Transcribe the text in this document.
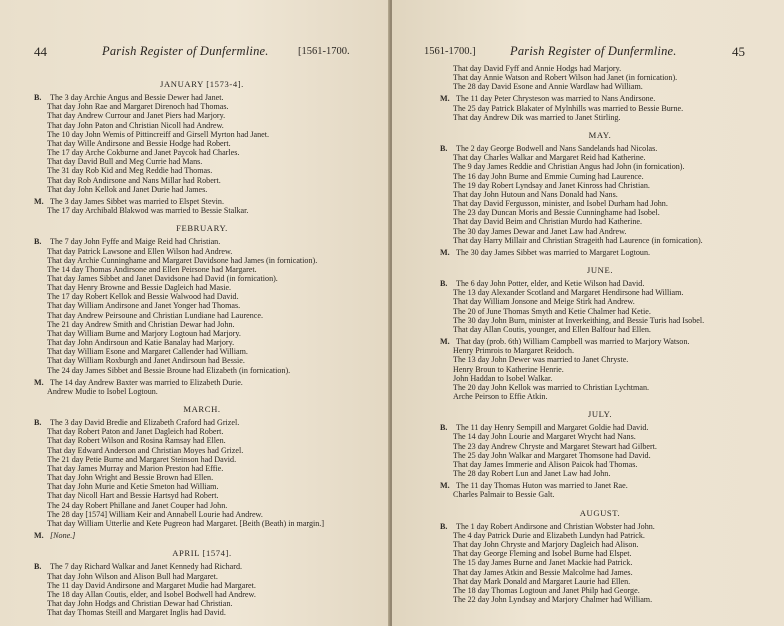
44	Parish Register of Dunfermline.	[1561-1700.
JANUARY [1573-4].
B. The 3 day Archie Angus and Bessie Dewer had Janet.
That day John Rae and Margaret Direnoch had Thomas.
That day Andrew Currour and Janet Piers had Marjory.
That day John Paton and Christian Nicoll had Andrew.
The 10 day John Wemis of Pittincreiff and Girsell Myrton had Janet.
That day Wille Andirsone and Bessie Hodge had Robert.
The 17 day Arche Cokburne and Janet Paycok had Charles.
That day David Bull and Meg Currie had Mans.
The 31 day Rob Kid and Meg Reddie had Thomas.
That day Rob Andirsone and Nans Millar had Robert.
That day John Kellok and Janet Durie had James.
M. The 3 day James Sibbet was married to Elspet Stevin.
The 17 day Archibald Blakwod was married to Bessie Stalkar.
FEBRUARY.
B. The 7 day John Fyffe and Maige Reid had Christian.
That day Patrick Lawsone and Ellen Wilson had Andrew.
That day Archie Cunninghame and Margaret Davidsone had James (in fornication).
The 14 day Thomas Andirsone and Ellen Peirsone had Margaret.
That day James Sibbet and Janet Davidsone had David (in fornication).
That day Henry Browne and Bessie Dagleich had Masie.
The 17 day Robert Kellok and Bessie Walwood had David.
That day William Andirsone and Janet Yonger had Thomas.
That day Andrew Peirsoune and Christian Lundiane had Laurence.
The 21 day Andrew Smith and Christian Dewar had John.
That day William Burne and Marjory Logtoun had Marjory.
That day John Andirsoun and Katie Banalay had Marjory.
That day William Esone and Margaret Callender had William.
That day William Roxburgh and Janet Andirsoun had Bessie.
The 24 day James Sibbet and Bessie Broune had Elizabeth (in fornication).
M. The 14 day Andrew Baxter was married to Elizabeth Durie.
Andrew Mudie to Isobel Logtoun.
MARCH.
B. The 3 day David Bredie and Elizabeth Craford had Grizel.
That day Robert Paton and Janet Dagleich had Robert.
That day Robert Wilson and Rosina Ramsay had Ellen.
That day Edward Anderson and Christian Moyes had Grizel.
The 21 day Petie Burne and Margaret Steinson had David.
That day James Murray and Marion Preston had Effie.
That day John Wright and Bessie Brown had Ellen.
That day John Murie and Ketie Smeton had William.
That day Nicoll Hart and Bessie Hartsyd had Robert.
The 24 day Robert Phillane and Janet Couper had John.
The 28 day [1574] William Keir and Annabell Lourie had Andrew.
That day William Utterlie and Kete Pugreon had Margaret. [Beith (Beath) in margin.]
M. [None.]
APRIL [1574].
B. The 7 day Richard Walkar and Janet Kennedy had Richard.
That day John Wilson and Alison Bull had Margaret.
The 11 day David Andirsone and Margaret Mudie had Margaret.
The 18 day Allan Coutis, elder, and Isobel Bodwell had Andrew.
That day John Hodgs and Christian Dewar had Christian.
That day Thomas Steill and Margaret Inglis had David.
1561-1700.]	Parish Register of Dunfermline.	45
That day David Fyff and Annie Hodgs had Marjory.
That day Annie Watson and Robert Wilson had Janet (in fornication).
The 28 day David Esone and Annie Wardlaw had William.
M. The 11 day Peter Chrysteson was married to Nans Andirsone.
The 25 day Patrick Blakater of Mylnhills was married to Bessie Burne.
That day Andrew Dik was married to Janet Stirling.
MAY.
B. The 2 day George Bodwell and Nans Sandelands had Nicolas.
That day Charles Walkar and Margaret Reid had Katherine.
The 9 day James Reddie and Christian Angus had John (in fornication).
The 16 day John Burne and Emmie Cuming had Laurence.
The 19 day Robert Lyndsay and Janet Kinross had Christian.
That day John Hutoun and Nans Donald had Nans.
That day David Fergusson, minister, and Isobel Durham had John.
The 23 day Duncan Moris and Bessie Cunninghame had Isobel.
That day David Beim and Christian Murdo had Katherine.
The 30 day James Dewar and Janet Law had Andrew.
That day Harry Millair and Christian Strageith had Laurence (in fornication).
M. The 30 day James Sibbet was married to Margaret Logtoun.
JUNE.
B. The 6 day John Potter, elder, and Ketie Wilson had David.
The 13 day Alexander Scotland and Margaret Hendirsone had William.
That day William Jonsone and Meige Stirk had Andrew.
The 20 of June Thomas Smyth and Ketie Chalmer had Ketie.
The 30 day John Burn, minister at Inverkeithing, and Bessie Turis had Isobel.
That day Allan Coutis, younger, and Ellen Balfour had Ellen.
M. That day (prob. 6th) William Campbell was married to Marjory Watson.
Henry Primrois to Margaret Reidoch.
The 13 day John Dewer was married to Janet Chryste.
Henry Broun to Katherine Henrie.
John Haddan to Isobel Walkar.
The 20 day John Kellok was married to Christian Lychtman.
Arche Peirson to Effie Atkin.
JULY.
B. The 11 day Henry Sempill and Margaret Goldie had David.
The 14 day John Lourie and Margaret Wrycht had Nans.
The 23 day Andrew Chryste and Margaret Stewart had Gilbert.
The 25 day John Walkar and Margaret Thomsone had David.
That day James Immerie and Alison Paicok had Thomas.
The 28 day Robert Lun and Janet Law had John.
M. The 11 day Thomas Huton was married to Janet Rae.
Charles Palmair to Bessie Galt.
AUGUST.
B. The 1 day Robert Andirsone and Christian Wobster had John.
The 4 day Patrick Durie and Elizabeth Lundyn had Patrick.
That day John Chryste and Marjory Dagleich had Alison.
That day George Fleming and Isobel Burne had Elspet.
The 15 day James Burne and Janet Mackie had Patrick.
That day James Atkin and Bessie Malcolme had James.
That day Mark Donald and Margaret Laurie had Ellen.
The 18 day Thomas Logtoun and Janet Philp had George.
The 22 day John Lyndsay and Marjory Chalmer had William.
